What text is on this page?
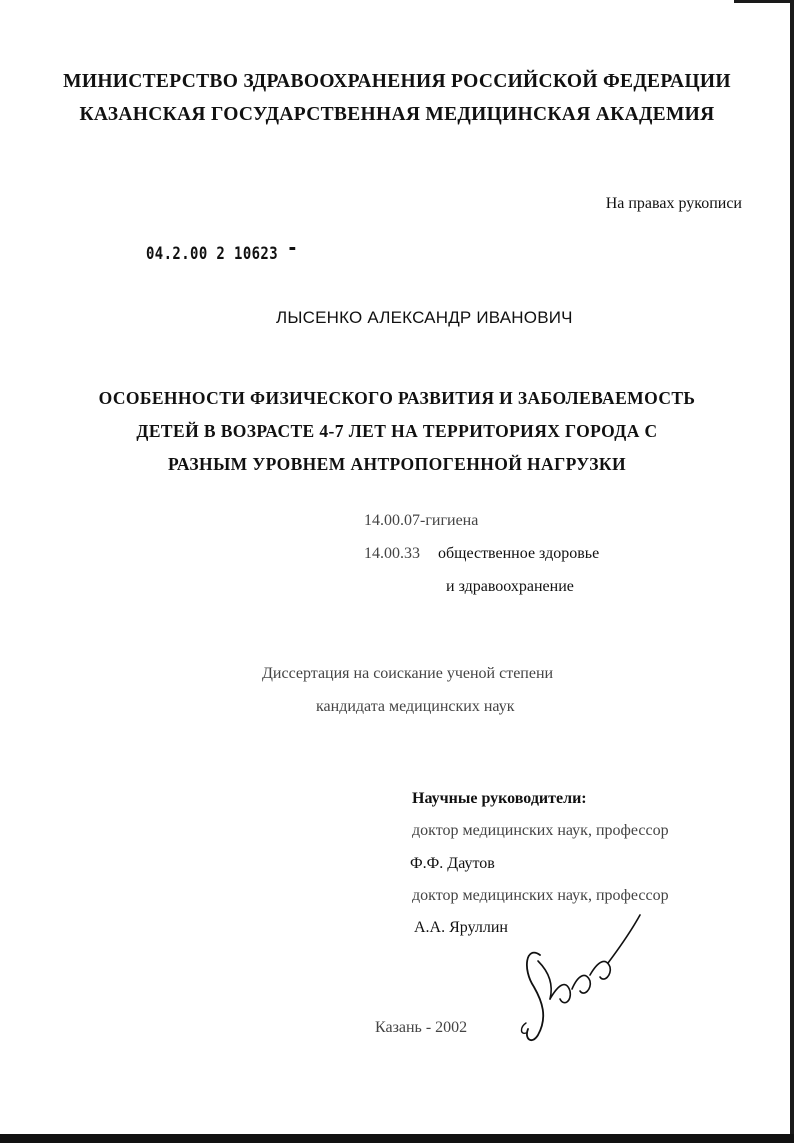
МИНИСТЕРСТВО ЗДРАВООХРАНЕНИЯ РОССИЙСКОЙ ФЕДЕРАЦИИ
КАЗАНСКАЯ ГОСУДАРСТВЕННАЯ МЕДИЦИНСКАЯ АКАДЕМИЯ
На правах рукописи
04.2.00 2 10623
ЛЫСЕНКО АЛЕКСАНДР ИВАНОВИЧ
ОСОБЕННОСТИ ФИЗИЧЕСКОГО РАЗВИТИЯ И ЗАБОЛЕВАЕМОСТЬ
ДЕТЕЙ В ВОЗРАСТЕ 4-7 ЛЕТ НА ТЕРРИТОРИЯХ ГОРОДА С
РАЗНЫМ УРОВНЕМ АНТРОПОГЕННОЙ НАГРУЗКИ
14.00.07-гигиена
14.00.33 общественное здоровье
и здравоохранение
Диссертация на соискание ученой степени
кандидата медицинских наук
Научные руководители:
доктор медицинских наук, профессор
Ф.Ф. Даутов
доктор медицинских наук, профессор
А.А. Яруллин
Казань - 2002
